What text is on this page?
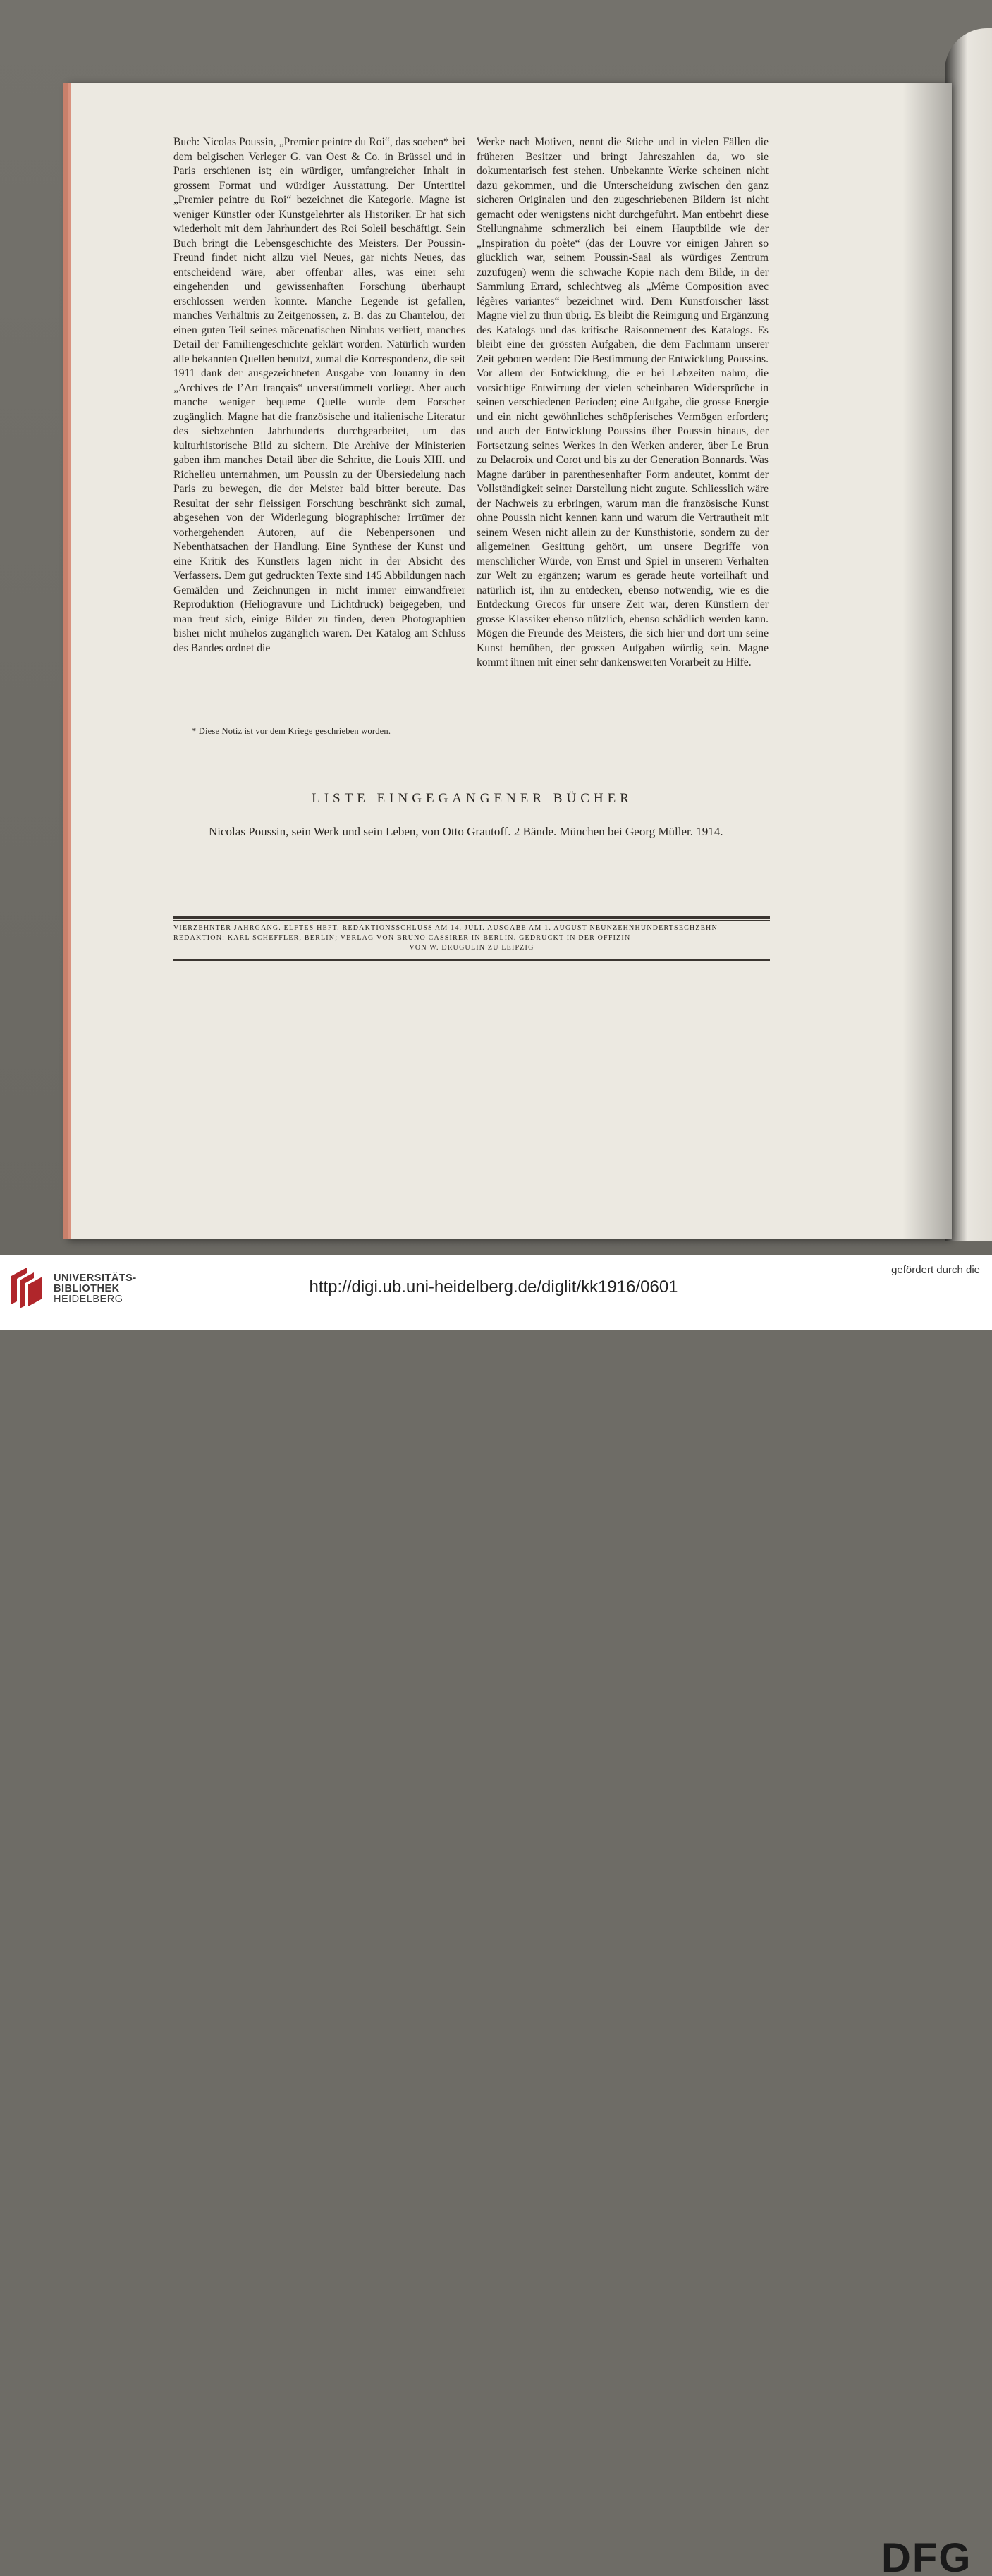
Buch: Nicolas Poussin, „Premier peintre du Roi“, das soeben* bei dem belgischen Verleger G. van Oest & Co. in Brüssel und in Paris erschienen ist; ein würdiger, umfangreicher Inhalt in grossem Format und würdiger Ausstattung. Der Untertitel „Premier peintre du Roi“ bezeichnet die Kategorie. Magne ist weniger Künstler oder Kunstgelehrter als Historiker. Er hat sich wiederholt mit dem Jahrhundert des Roi Soleil beschäftigt. Sein Buch bringt die Lebensgeschichte des Meisters. Der Poussin-Freund findet nicht allzu viel Neues, gar nichts Neues, das entscheidend wäre, aber offenbar alles, was einer sehr eingehenden und gewissenhaften Forschung überhaupt erschlossen werden konnte. Manche Legende ist gefallen, manches Verhältnis zu Zeitgenossen, z. B. das zu Chantelou, der einen guten Teil seines mäcenatischen Nimbus verliert, manches Detail der Familiengeschichte geklärt worden. Natürlich wurden alle bekannten Quellen benutzt, zumal die Korrespondenz, die seit 1911 dank der ausgezeichneten Ausgabe von Jouanny in den „Archives de l’Art français“ unverstümmelt vorliegt. Aber auch manche weniger bequeme Quelle wurde dem Forscher zugänglich. Magne hat die französische und italienische Literatur des siebzehnten Jahrhunderts durchgearbeitet, um das kulturhistorische Bild zu sichern. Die Archive der Ministerien gaben ihm manches Detail über die Schritte, die Louis XIII. und Richelieu unternahmen, um Poussin zu der Übersiedelung nach Paris zu bewegen, die der Meister bald bitter bereute. Das Resultat der sehr fleissigen Forschung beschränkt sich zumal, abgesehen von der Widerlegung biographischer Irrtümer der vorhergehenden Autoren, auf die Nebenpersonen und Nebenthatsachen der Handlung. Eine Synthese der Kunst und eine Kritik des Künstlers lagen nicht in der Absicht des Verfassers. Dem gut gedruckten Texte sind 145 Abbildungen nach Gemälden und Zeichnungen in nicht immer einwandfreier Reproduktion (Heliogravure und Lichtdruck) beigegeben, und man freut sich, einige Bilder zu finden, deren Photographien bisher nicht mühelos zugänglich waren. Der Katalog am Schluss des Bandes ordnet die
Werke nach Motiven, nennt die Stiche und in vielen Fällen die früheren Besitzer und bringt Jahreszahlen da, wo sie dokumentarisch fest stehen. Unbekannte Werke scheinen nicht dazu gekommen, und die Unterscheidung zwischen den ganz sicheren Originalen und den zugeschriebenen Bildern ist nicht gemacht oder wenigstens nicht durchgeführt. Man entbehrt diese Stellungnahme schmerzlich bei einem Hauptbilde wie der „Inspiration du poète“ (das der Louvre vor einigen Jahren so glücklich war, seinem Poussin-Saal als würdiges Zentrum zuzufügen) wenn die schwache Kopie nach dem Bilde, in der Sammlung Errard, schlechtweg als „Même Composition avec légères variantes“ bezeichnet wird. Dem Kunstforscher lässt Magne viel zu thun übrig. Es bleibt die Reinigung und Ergänzung des Katalogs und das kritische Raisonnement des Katalogs. Es bleibt eine der grössten Aufgaben, die dem Fachmann unserer Zeit geboten werden: Die Bestimmung der Entwicklung Poussins. Vor allem der Entwicklung, die er bei Lebzeiten nahm, die vorsichtige Entwirrung der vielen scheinbaren Widersprüche in seinen verschiedenen Perioden; eine Aufgabe, die grosse Energie und ein nicht gewöhnliches schöpferisches Vermögen erfordert; und auch der Entwicklung Poussins über Poussin hinaus, der Fortsetzung seines Werkes in den Werken anderer, über Le Brun zu Delacroix und Corot und bis zu der Generation Bonnards. Was Magne darüber in parenthesenhafter Form andeutet, kommt der Vollständigkeit seiner Darstellung nicht zugute. Schliesslich wäre der Nachweis zu erbringen, warum man die französische Kunst ohne Poussin nicht kennen kann und warum die Vertrautheit mit seinem Wesen nicht allein zu der Kunsthistorie, sondern zu der allgemeinen Gesittung gehört, um unsere Begriffe von menschlicher Würde, von Ernst und Spiel in unserem Verhalten zur Welt zu ergänzen; warum es gerade heute vorteilhaft und natürlich ist, ihn zu entdecken, ebenso notwendig, wie es die Entdeckung Grecos für unsere Zeit war, deren Künstlern der grosse Klassiker ebenso nützlich, ebenso schädlich werden kann. Mögen die Freunde des Meisters, die sich hier und dort um seine Kunst bemühen, der grossen Aufgaben würdig sein. Magne kommt ihnen mit einer sehr dankenswerten Vorarbeit zu Hilfe.
* Diese Notiz ist vor dem Kriege geschrieben worden.
LISTE EINGEGANGENER BÜCHER
Nicolas Poussin, sein Werk und sein Leben, von Otto Grautoff. 2 Bände. München bei Georg Müller. 1914.
VIERZEHNTER JAHRGANG. ELFTES HEFT. REDAKTIONSSCHLUSS AM 14. JULI. AUSGABE AM 1. AUGUST NEUNZEHNHUNDERTSECHZEHN
REDAKTION: KARL SCHEFFLER, BERLIN; VERLAG VON BRUNO CASSIRER IN BERLIN. GEDRUCKT IN DER OFFIZIN
VON W. DRUGULIN ZU LEIPZIG
UNIVERSITÄTS-
BIBLIOTHEK
HEIDELBERG
DFG
http://digi.ub.uni-heidelberg.de/diglit/kk1916/0601
gefördert durch die
